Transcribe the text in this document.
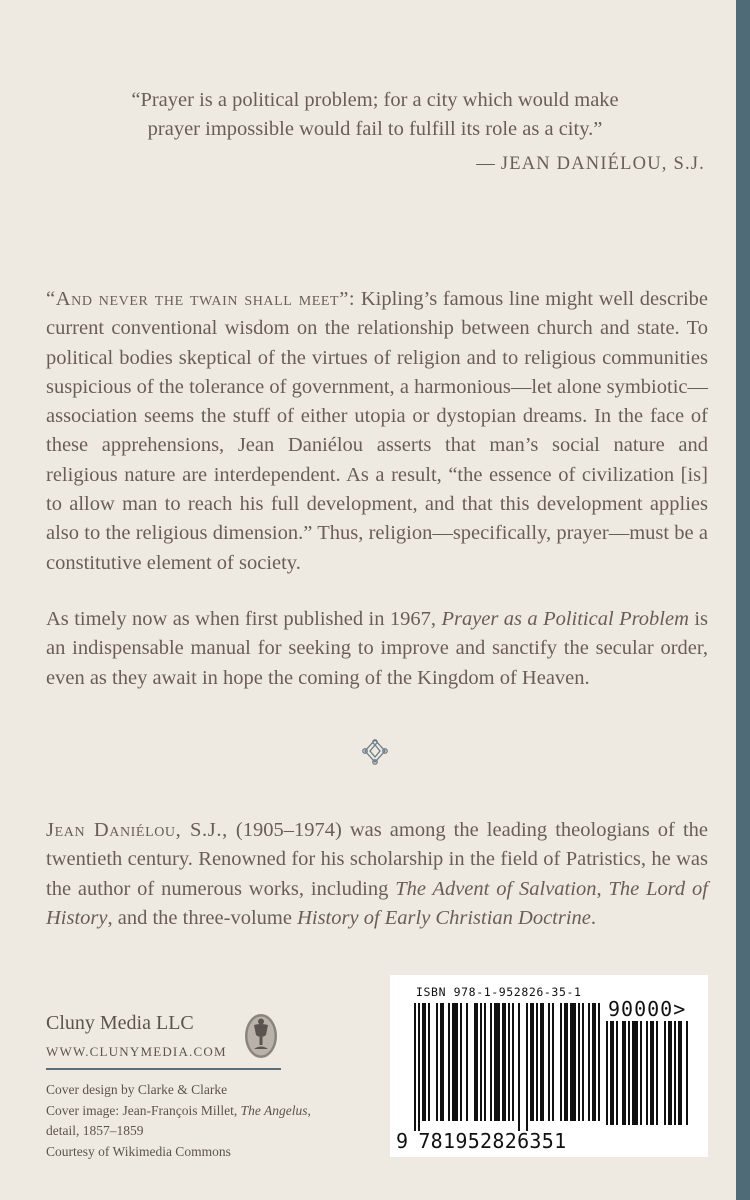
“Prayer is a political problem; for a city which would make
prayer impossible would fail to fulfill its role as a city.”
— JEAN DANIÉLOU, S.J.

“And never the twain shall meet”: Kipling’s famous line might well describe current conventional wisdom on the relationship between church and state. To political bodies skeptical of the virtues of religion and to religious communities suspicious of the tolerance of government, a harmonious—let alone symbiotic—association seems the stuff of either utopia or dystopian dreams. In the face of these apprehensions, Jean Daniélou asserts that man’s social nature and religious nature are interdependent. As a result, “the essence of civilization [is] to allow man to reach his full development, and that this development applies also to the religious dimension.” Thus, religion—specifically, prayer—must be a constitutive element of society.

As timely now as when first published in 1967, Prayer as a Political Problem is an indispensable manual for seeking to improve and sanctify the secular order, even as they await in hope the coming of the Kingdom of Heaven.

Jean Daniélou, S.J., (1905–1974) was among the leading theologians of the twentieth century. Renowned for his scholarship in the field of Patristics, he was the author of numerous works, including The Advent of Salvation, The Lord of History, and the three-volume History of Early Christian Doctrine.

Cluny Media LLC
WWW.CLUNYMEDIA.COM
Cover design by Clarke & Clarke
Cover image: Jean-François Millet, The Angelus,
detail, 1857–1859
Courtesy of Wikimedia Commons
ISBN 978-1-952826-35-1
90000>
9 781952826351
